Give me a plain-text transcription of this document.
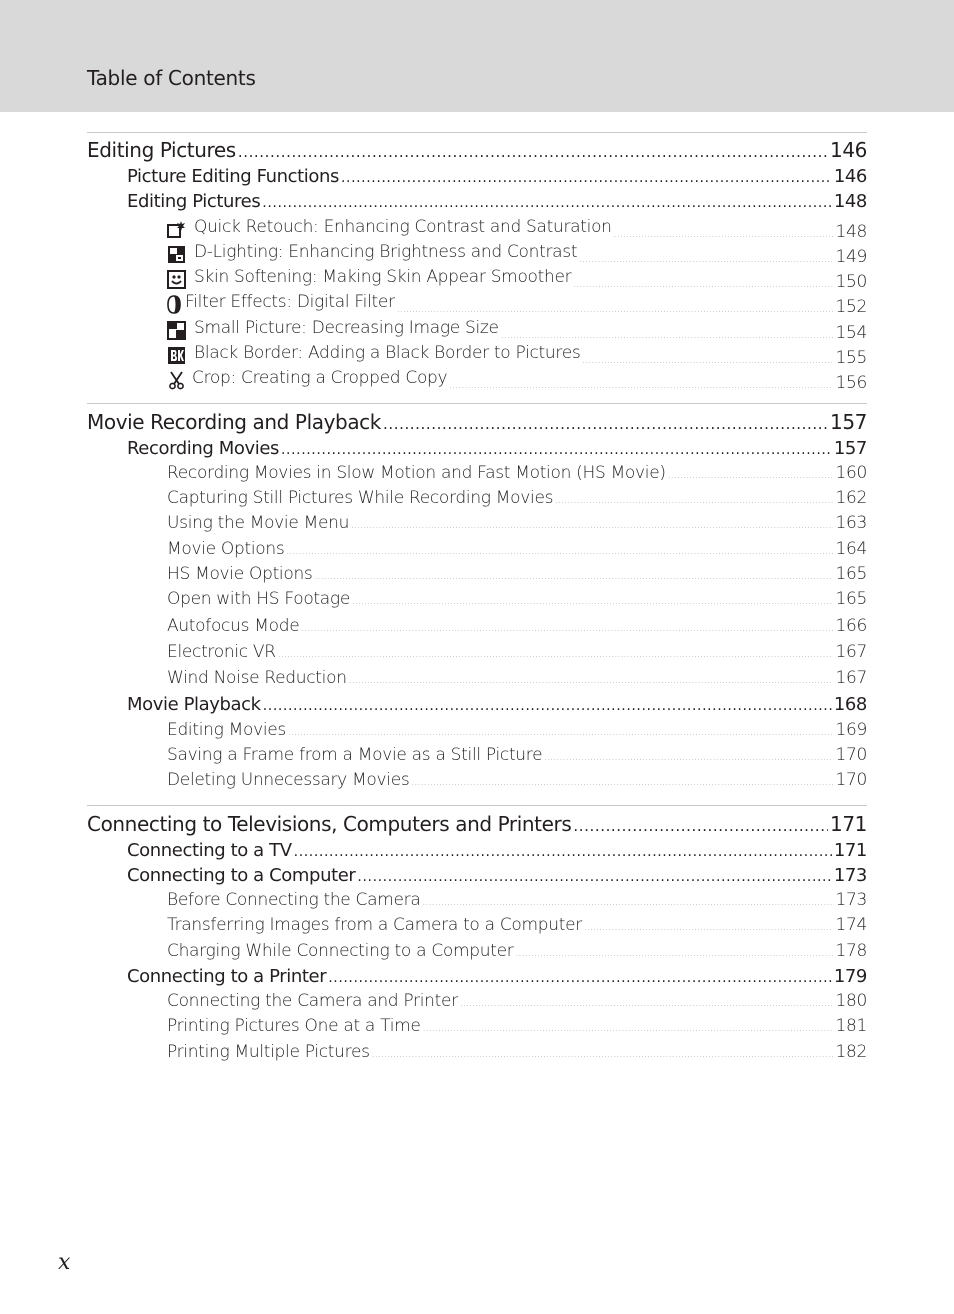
Table of Contents
Editing Pictures .....	146
Picture Editing Functions .....	146
Editing Pictures .....	148
Quick Retouch: Enhancing Contrast and Saturation .....	148
D-Lighting: Enhancing Brightness and Contrast .....	149
Skin Softening: Making Skin Appear Smoother .....	150
Filter Effects: Digital Filter .....	152
Small Picture: Decreasing Image Size .....	154
Black Border: Adding a Black Border to Pictures .....	155
Crop: Creating a Cropped Copy .....	156
Movie Recording and Playback .....	157
Recording Movies .....	157
Recording Movies in Slow Motion and Fast Motion (HS Movie) .....	160
Capturing Still Pictures While Recording Movies .....	162
Using the Movie Menu .....	163
Movie Options .....	164
HS Movie Options .....	165
Open with HS Footage .....	165
Autofocus Mode .....	166
Electronic VR .....	167
Wind Noise Reduction .....	167
Movie Playback .....	168
Editing Movies .....	169
Saving a Frame from a Movie as a Still Picture .....	170
Deleting Unnecessary Movies .....	170
Connecting to Televisions, Computers and Printers .....	171
Connecting to a TV .....	171
Connecting to a Computer .....	173
Before Connecting the Camera .....	173
Transferring Images from a Camera to a Computer .....	174
Charging While Connecting to a Computer .....	178
Connecting to a Printer .....	179
Connecting the Camera and Printer .....	180
Printing Pictures One at a Time .....	181
Printing Multiple Pictures .....	182
x
